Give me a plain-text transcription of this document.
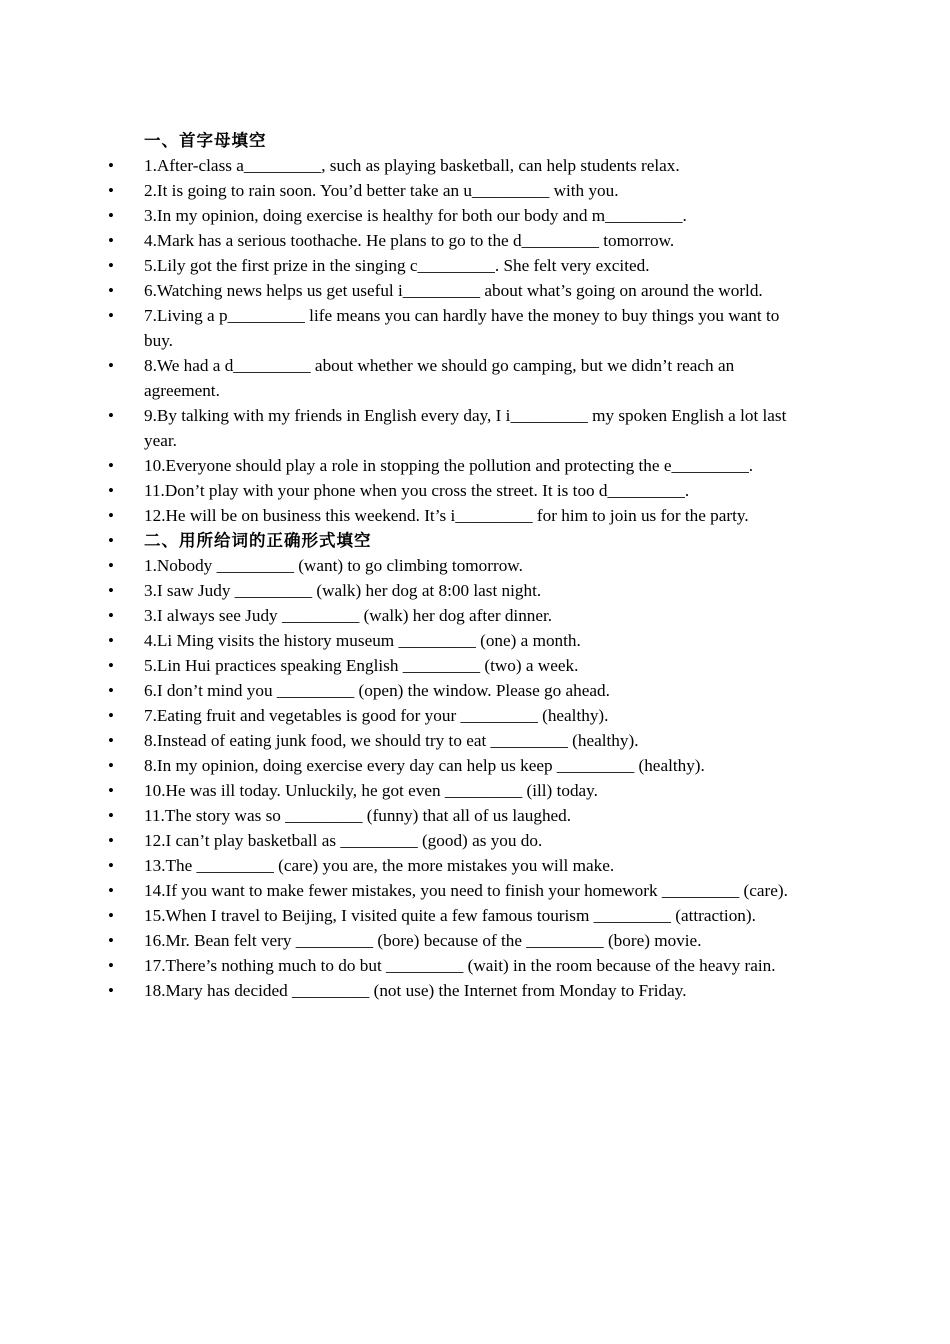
一、首字母填空
• 1.After-class a_________, such as playing basketball, can help students relax.
• 2.It is going to rain soon. You’d better take an u_________ with you.
• 3.In my opinion, doing exercise is healthy for both our body and m_________.
• 4.Mark has a serious toothache. He plans to go to the d_________ tomorrow.
• 5.Lily got the first prize in the singing c_________. She felt very excited.
• 6.Watching news helps us get useful i_________ about what’s going on around the world.
• 7.Living a p_________ life means you can hardly have the money to buy things you want to buy.
• 8.We had a d_________ about whether we should go camping, but we didn’t reach an agreement.
• 9.By talking with my friends in English every day, I i_________ my spoken English a lot last year.
• 10.Everyone should play a role in stopping the pollution and protecting the e_________.
• 11.Don’t play with your phone when you cross the street. It is too d_________.
• 12.He will be on business this weekend. It’s i_________ for him to join us for the party.
• 二、用所给词的正确形式填空
• 1.Nobody _________ (want) to go climbing tomorrow.
• 3.I saw Judy _________ (walk) her dog at 8:00 last night.
• 3.I always see Judy _________ (walk) her dog after dinner.
• 4.Li Ming visits the history museum _________ (one) a month.
• 5.Lin Hui practices speaking English _________ (two) a week.
• 6.I don’t mind you _________ (open) the window. Please go ahead.
• 7.Eating fruit and vegetables is good for your _________ (healthy).
• 8.Instead of eating junk food, we should try to eat _________ (healthy).
• 8.In my opinion, doing exercise every day can help us keep _________ (healthy).
• 10.He was ill today. Unluckily, he got even _________ (ill) today.
• 11.The story was so _________ (funny) that all of us laughed.
• 12.I can’t play basketball as _________ (good) as you do.
• 13.The _________ (care) you are, the more mistakes you will make.
• 14.If you want to make fewer mistakes, you need to finish your homework _________ (care).
• 15.When I travel to Beijing, I visited quite a few famous tourism _________ (attraction).
• 16.Mr. Bean felt very _________ (bore) because of the _________ (bore) movie.
• 17.There’s nothing much to do but _________ (wait) in the room because of the heavy rain.
• 18.Mary has decided _________ (not use) the Internet from Monday to Friday.
